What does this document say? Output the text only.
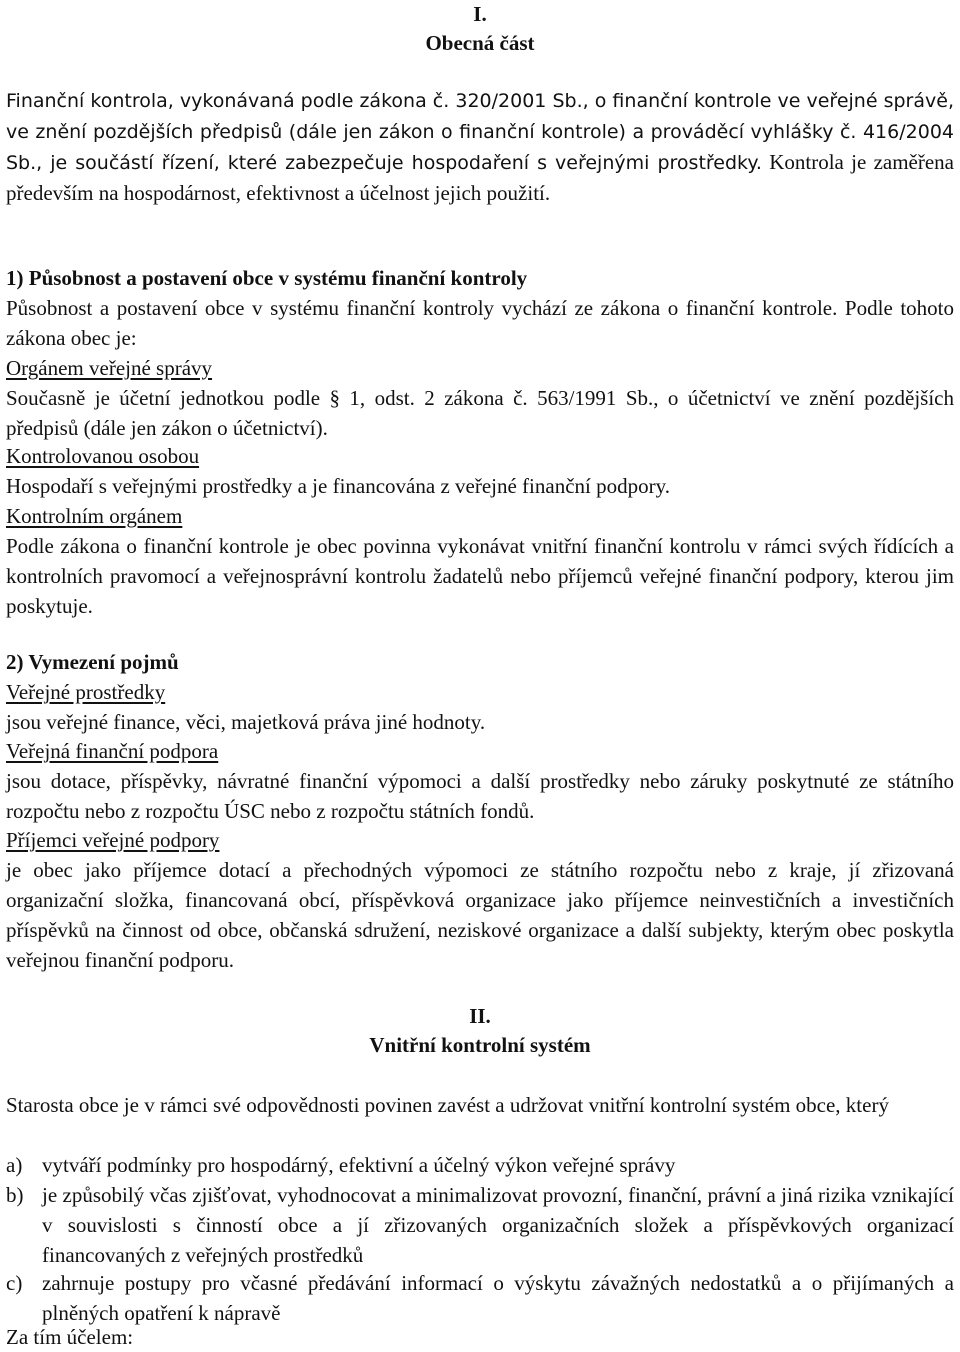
I.

Obecná část

Finanční kontrola, vykonávaná podle zákona č. 320/2001 Sb., o finanční kontrole ve veřejné správě, ve znění pozdějších předpisů (dále jen zákon o finanční kontrole) a prováděcí vyhlášky č. 416/2004 Sb., je součástí řízení, které zabezpečuje hospodaření s veřejnými prostředky. Kontrola je zaměřena především na hospodárnost, efektivnost a účelnost jejich použití.

1) Působnost a postavení obce v systému finanční kontroly

Působnost a postavení obce v systému finanční kontroly vychází ze zákona o finanční kontrole. Podle tohoto zákona obec je:

Orgánem veřejné správy

Současně je účetní jednotkou podle § 1, odst. 2 zákona č. 563/1991 Sb., o účetnictví ve znění pozdějších předpisů (dále jen zákon o účetnictví).

Kontrolovanou osobou

Hospodaří s veřejnými prostředky a je financována z veřejné finanční podpory.

Kontrolním orgánem

Podle zákona o finanční kontrole je obec povinna vykonávat vnitřní finanční kontrolu v rámci svých řídících a kontrolních pravomocí a veřejnosprávní kontrolu žadatelů nebo příjemců veřejné finanční podpory, kterou jim poskytuje.

2) Vymezení pojmů

Veřejné prostředky

jsou veřejné finance, věci, majetková práva jiné hodnoty.

Veřejná finanční podpora

jsou dotace, příspěvky, návratné finanční výpomoci a další prostředky nebo záruky poskytnuté ze státního rozpočtu nebo z rozpočtu ÚSC nebo z rozpočtu státních fondů.

Příjemci veřejné podpory

je obec jako příjemce dotací a přechodných výpomoci ze státního rozpočtu nebo z kraje, jí zřizovaná organizační složka, financovaná obcí, příspěvková organizace jako příjemce neinvestičních a investičních příspěvků na činnost od obce, občanská sdružení, neziskové organizace a další subjekty, kterým obec poskytla veřejnou finanční podporu.

II.

Vnitřní kontrolní systém

Starosta obce je v rámci své odpovědnosti povinen zavést a udržovat vnitřní kontrolní systém obce, který

a) vytváří podmínky pro hospodárný, efektivní a účelný výkon veřejné správy
b) je způsobilý včas zjišťovat, vyhodnocovat a minimalizovat provozní, finanční, právní a jiná rizika vznikající v souvislosti s činností obce a jí zřizovaných organizačních složek a příspěvkových organizací financovaných z veřejných prostředků
c) zahrnuje postupy pro včasné předávání informací o výskytu závažných nedostatků a o přijímaných a plněných opatření k nápravě

Za tím účelem:
